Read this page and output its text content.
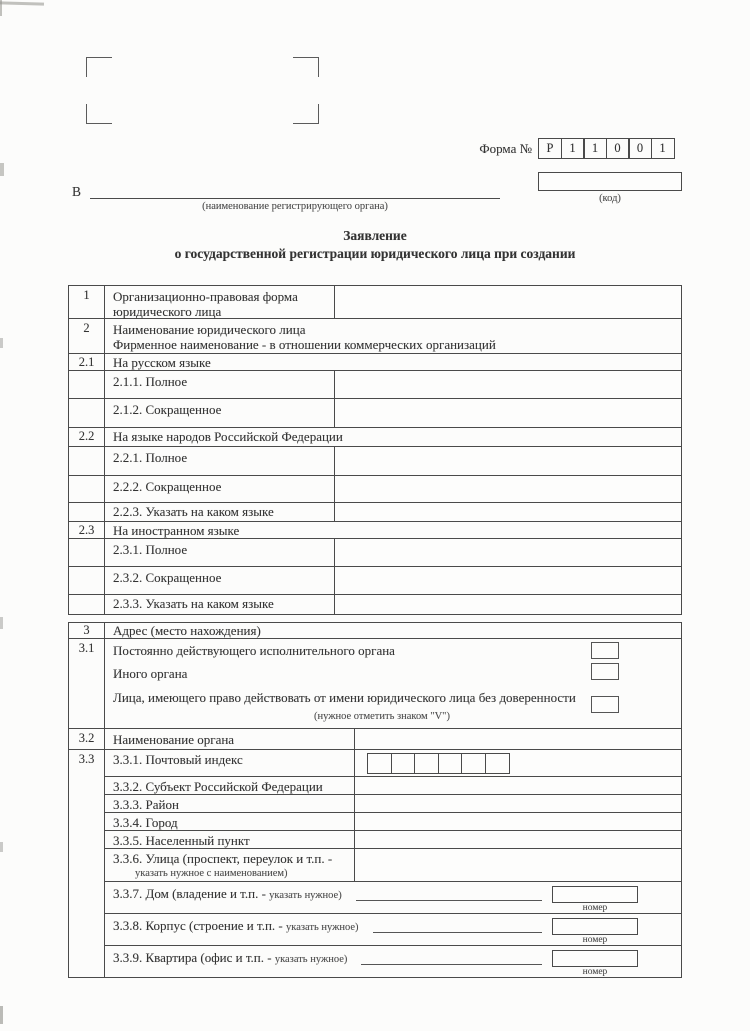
Форма №	Р	1	1	0	0	1
(код)
В
(наименование регистрирующего органа)
Заявление
о государственной регистрации юридического лица при создании
1	Организационно-правовая форма юридического лица
2	Наименование юридического лица
Фирменное наименование - в отношении коммерческих организаций
2.1	На русском языке
2.1.1. Полное
2.1.2. Сокращенное
2.2	На языке народов Российской Федерации
2.2.1. Полное
2.2.2. Сокращенное
2.2.3. Указать на каком языке
2.3	На иностранном языке
2.3.1. Полное
2.3.2. Сокращенное
2.3.3. Указать на каком языке
3	Адрес (место нахождения)
3.1	Постоянно действующего исполнительного органа
Иного органа
Лица, имеющего право действовать от имени юридического лица без доверенности
(нужное отметить знаком "V")
3.2	Наименование органа
3.3	3.3.1. Почтовый индекс
3.3.2. Субъект Российской Федерации
3.3.3. Район
3.3.4. Город
3.3.5. Населенный пункт
3.3.6. Улица (проспект, переулок и т.п. -
указать нужное с наименованием)
3.3.7. Дом (владение и т.п. - указать нужное)
номер
3.3.8. Корпус (строение и т.п. - указать нужное)
номер
3.3.9. Квартира (офис и т.п. - указать нужное)
номер
